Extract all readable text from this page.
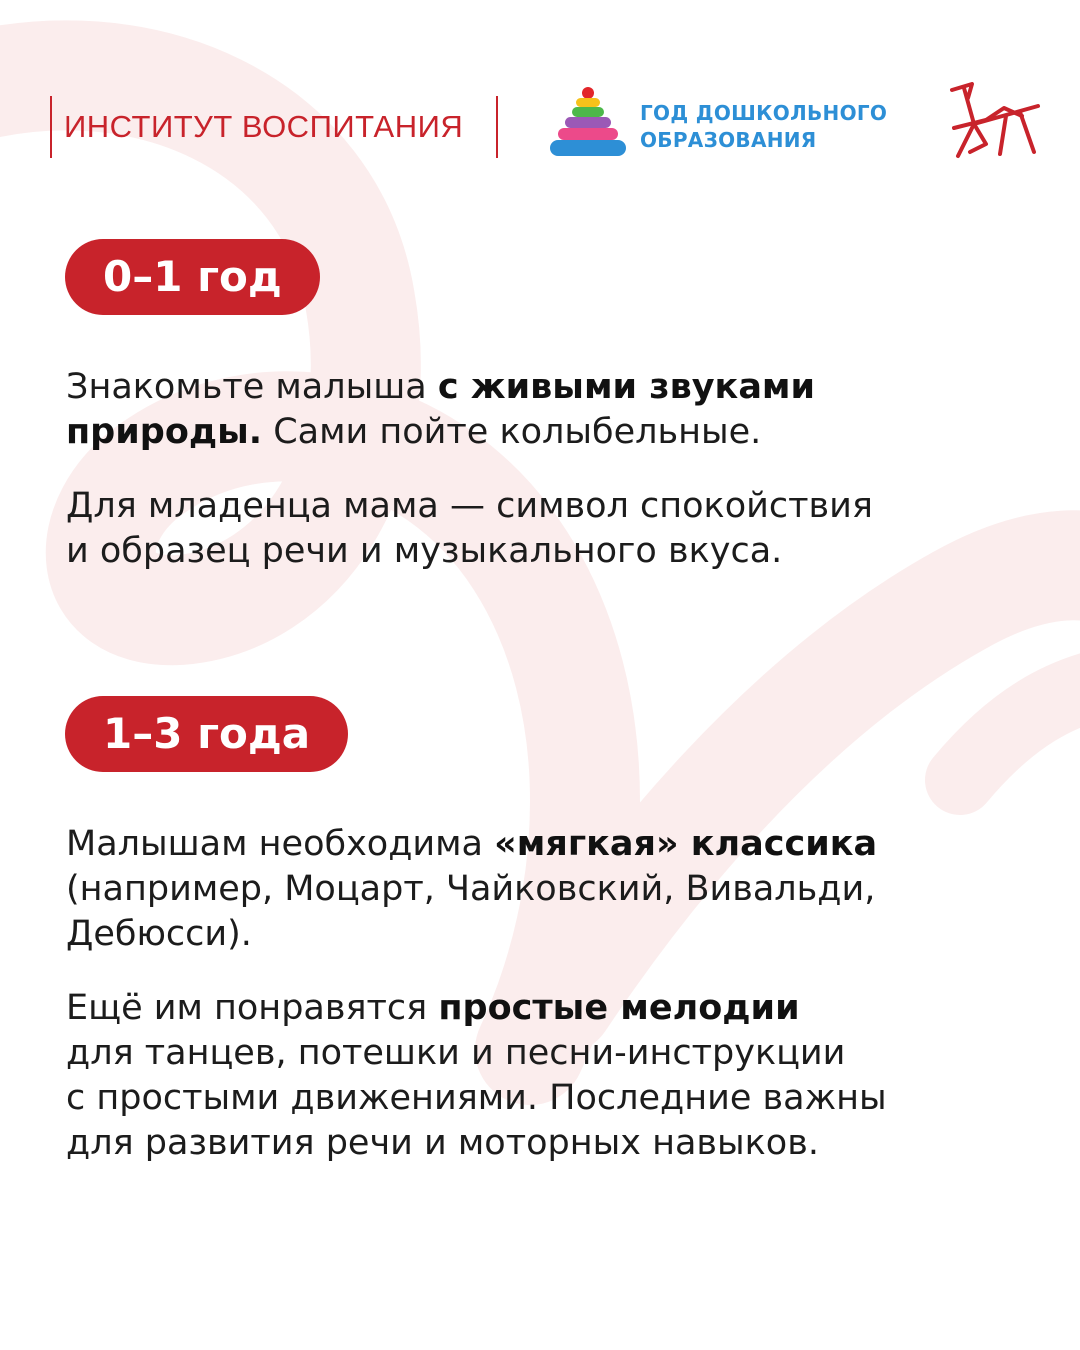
ИНСТИТУТ ВОСПИТАНИЯ	ГОД ДОШКОЛЬНОГО
ОБРАЗОВАНИЯ
0–1 год
Знакомьте малыша с живыми звуками
природы. Сами пойте колыбельные.
Для младенца мама — символ спокойствия
и образец речи и музыкального вкуса.
1–3 года
Малышам необходима «мягкая» классика
(например, Моцарт, Чайковский, Вивальди,
Дебюсси).
Ещё им понравятся простые мелодии
для танцев, потешки и песни-инструкции
с простыми движениями. Последние важны
для развития речи и моторных навыков.
